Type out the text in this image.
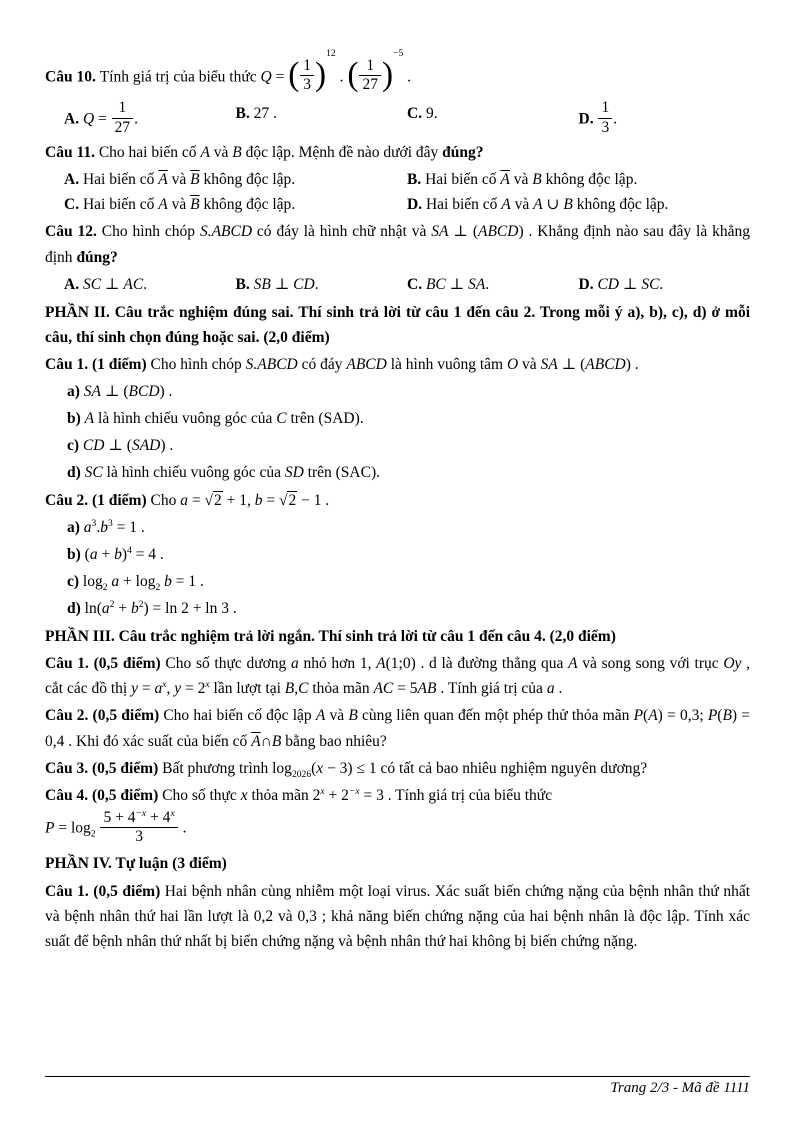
Câu 10. Tính giá trị của biểu thức Q = ( $\frac{1}{3}$ )
$^{12}$
. ( $\frac{1}{27}$ )
$^{-5}$
.
A. $Q = \frac{1}{27}$ .	B. 27 .	C. 9.	D. $\frac{1}{3}$ .
Câu 11. Cho hai biến cố A và B độc lập. Mệnh đề nào dưới đây đúng?
A. Hai biến cố $\overline{A}$ và $\overline{B}$ không độc lập.	B. Hai biến cố $\overline{A}$ và B không độc lập.
C. Hai biến cố A và $\overline{B}$ không độc lập.	D. Hai biến cố A và A ∪ B không độc lập.
Câu 12. Cho hình chóp S.ABCD có đáy là hình chữ nhật và SA ⊥ (ABCD) . Khẳng định nào sau đây là khẳng định đúng?
A. SC ⊥ AC.	B. SB ⊥ CD.	C. BC ⊥ SA.	D. CD ⊥ SC.
PHẦN II. Câu trắc nghiệm đúng sai. Thí sinh trả lời từ câu 1 đến câu 2. Trong mỗi ý a), b), c), d) ở mỗi câu, thí sinh chọn đúng hoặc sai. (2,0 điểm)
Câu 1. (1 điểm) Cho hình chóp S.ABCD có đáy ABCD là hình vuông tâm O và SA ⊥ (ABCD) .
a) SA ⊥ (BCD) .
b) A là hình chiếu vuông góc của C trên (SAD).
c) CD ⊥ (SAD) .
d) SC là hình chiếu vuông góc của SD trên (SAC).
Câu 2. (1 điểm) Cho a = √2 + 1, b = √2 − 1 .
a) $a^3.b^3 = 1$ .
b) $(a + b)^4 = 4$ .
c) $\log_2 a + \log_2 b = 1$ .
d) $\ln(a^2 + b^2) = \ln 2 + \ln 3$ .
PHẦN III. Câu trắc nghiệm trả lời ngắn. Thí sinh trả lời từ câu 1 đến câu 4. (2,0 điểm)
Câu 1. (0,5 điểm) Cho số thực dương a nhỏ hơn 1, A(1;0) . d là đường thẳng qua A và song song với trục Oy , cắt các đồ thị $y = a^x$, $y = 2^x$ lần lượt tại B,C thỏa mãn AC = 5AB . Tính giá trị của a .
Câu 2. (0,5 điểm) Cho hai biến cố độc lập A và B cùng liên quan đến một phép thử thỏa mãn P(A) = 0,3; P(B) = 0,4 . Khi đó xác suất của biến cố $\overline{A}\cap B$ bằng bao nhiêu?
Câu 3. (0,5 điểm) Bất phương trình $\log_{2026}(x - 3) \le 1$ có tất cả bao nhiêu nghiệm nguyên dương?
Câu 4. (0,5 điểm) Cho số thực x thỏa mãn $2^x + 2^{-x} = 3$ . Tính giá trị của biểu thức
$P = \log_2 \frac{5 + 4^{-x} + 4^x}{3}$ .
PHẦN IV. Tự luận (3 điểm)
Câu 1. (0,5 điểm) Hai bệnh nhân cùng nhiễm một loại virus. Xác suất biến chứng nặng của bệnh nhân thứ nhất và bệnh nhân thứ hai lần lượt là 0,2 và 0,3 ; khả năng biến chứng nặng của hai bệnh nhân là độc lập. Tính xác suất để bệnh nhân thứ nhất bị biến chứng nặng và bệnh nhân thứ hai không bị biến chứng nặng.
Trang 2/3 - Mã đề 1111
